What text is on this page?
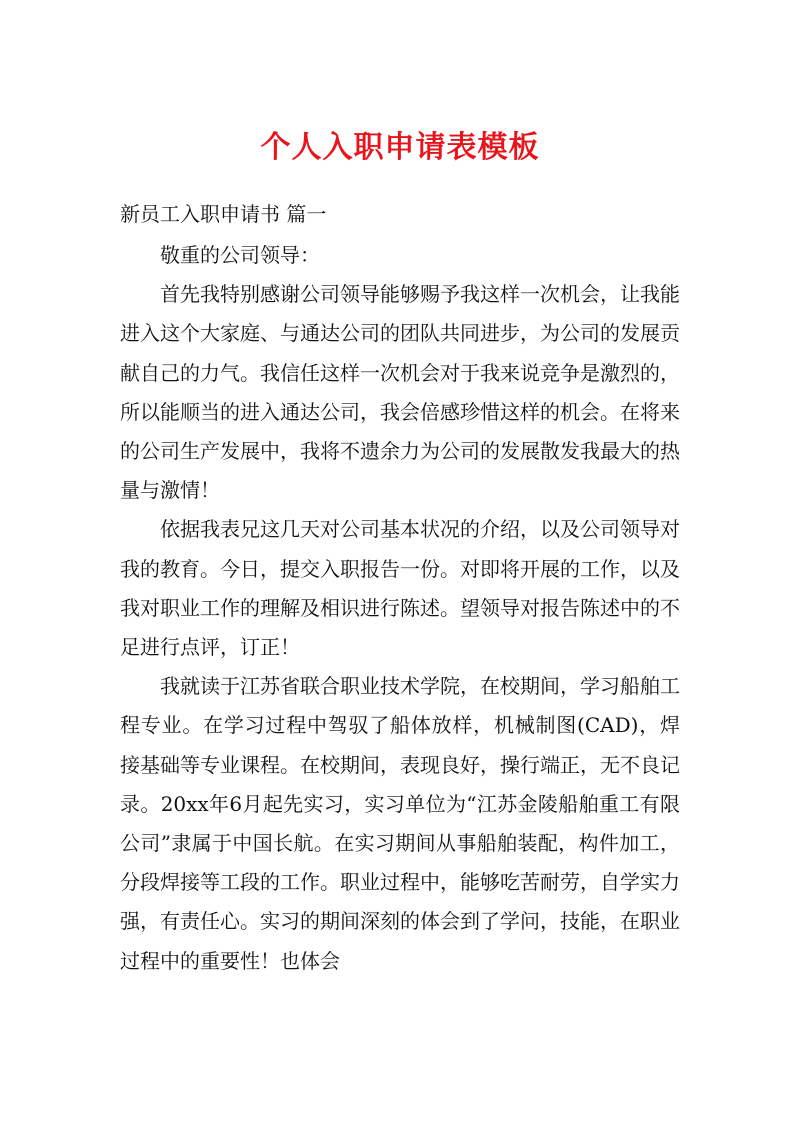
个人入职申请表模板
新员工入职申请书 篇一

敬重的公司领导：

首先我特别感谢公司领导能够赐予我这样一次机会，让我能进入这个大家庭、与通达公司的团队共同进步，为公司的发展贡献自己的力气。我信任这样一次机会对于我来说竞争是激烈的，所以能顺当的进入通达公司，我会倍感珍惜这样的机会。在将来的公司生产发展中，我将不遗余力为公司的发展散发我最大的热量与激情！

依据我表兄这几天对公司基本状况的介绍，以及公司领导对我的教育。今日，提交入职报告一份。对即将开展的工作，以及我对职业工作的理解及相识进行陈述。望领导对报告陈述中的不足进行点评，订正！

我就读于江苏省联合职业技术学院，在校期间，学习船舶工程专业。在学习过程中驾驭了船体放样，机械制图(CAD)，焊接基础等专业课程。在校期间，表现良好，操行端正，无不良记录。20xx年6月起先实习，实习单位为“江苏金陵船舶重工有限公司”隶属于中国长航。在实习期间从事船舶装配，构件加工，分段焊接等工段的工作。职业过程中，能够吃苦耐劳，自学实力强，有责任心。实习的期间深刻的体会到了学问，技能，在职业过程中的重要性！也体会
